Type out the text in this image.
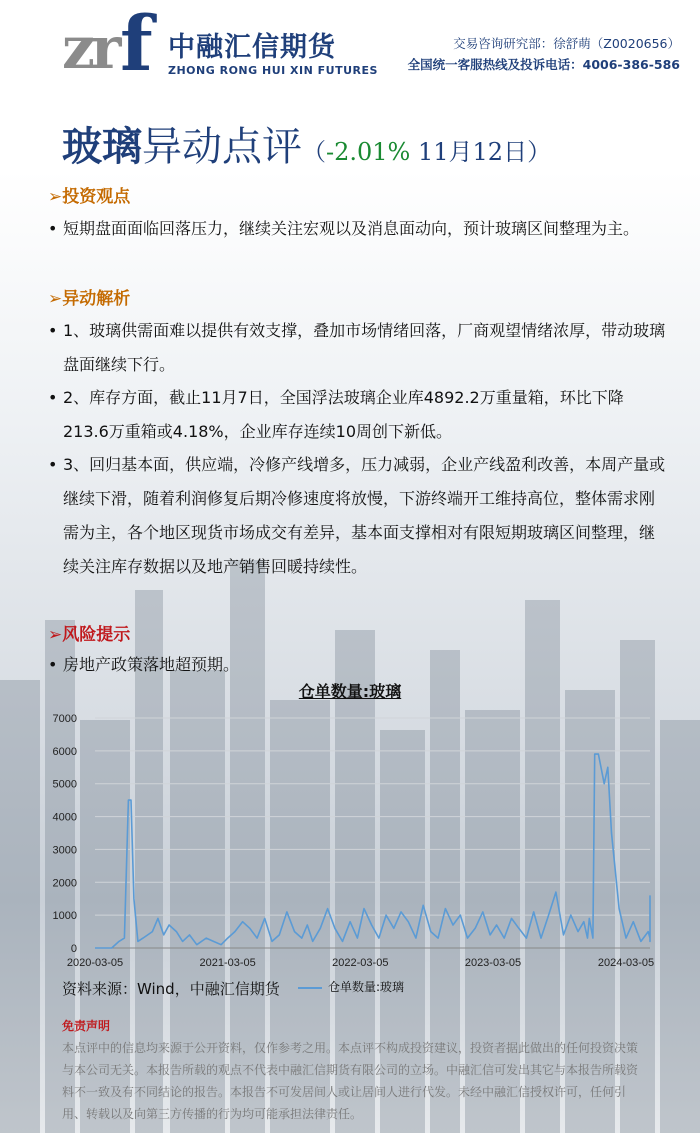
zr f 中融汇信期货
ZHONG RONG HUI XIN FUTURES
交易咨询研究部：徐舒萌（Z0020656）
全国统一客服热线及投诉电话：4006-386-586
玻璃异动点评（-2.01% 11月12日）
➢投资观点
• 短期盘面面临回落压力，继续关注宏观以及消息面动向，预计玻璃区间整理为主。
➢异动解析
• 1、玻璃供需面难以提供有效支撑，叠加市场情绪回落，厂商观望情绪浓厚，带动玻璃盘面继续下行。
• 2、库存方面，截止11月7日，全国浮法玻璃企业库4892.2万重量箱，环比下降213.6万重箱或4.18%，企业库存连续10周创下新低。
• 3、回归基本面，供应端，冷修产线增多，压力减弱，企业产线盈利改善，本周产量或继续下滑，随着利润修复后期冷修速度将放慢，下游终端开工维持高位，整体需求刚需为主，各个地区现货市场成交有差异，基本面支撑相对有限短期玻璃区间整理，继续关注库存数据以及地产销售回暖持续性。
➢风险提示
• 房地产政策落地超预期。
仓单数量:玻璃
0
1000
2000
3000
4000
5000
6000
7000
2020-03-05	2021-03-05	2022-03-05	2023-03-05	2024-03-05
资料来源：Wind，中融汇信期货	仓单数量:玻璃
免责声明
本点评中的信息均来源于公开资料，仅作参考之用。本点评不构成投资建议，投资者据此做出的任何投资决策与本公司无关。本报告所载的观点不代表中融汇信期货有限公司的立场。中融汇信可发出其它与本报告所载资料不一致及有不同结论的报告。本报告不可发居间人或让居间人进行代发。未经中融汇信授权许可，任何引用、转载以及向第三方传播的行为均可能承担法律责任。
